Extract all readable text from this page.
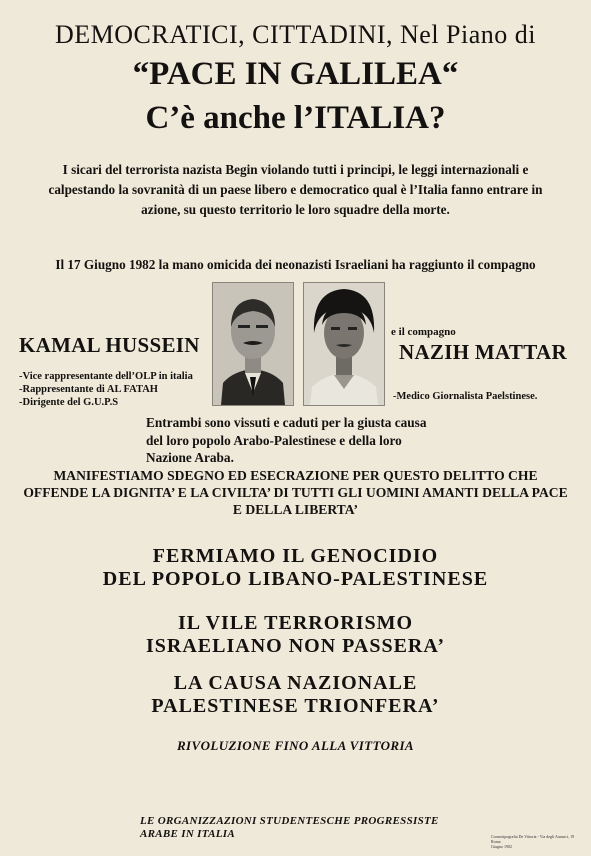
DEMOCRATICI, CITTADINI, Nel Piano di
“PACE IN GALILEA“
C’è anche l’ITALIA?
I sicari del terrorista nazista Begin violando tutti i principi, le leggi internazionali e calpestando la sovranità di un paese libero e democratico qual è l’Italia fanno entrare in azione, su questo territorio le loro squadre della morte.
Il 17 Giugno 1982 la mano omicida dei neonazisti Israeliani ha raggiunto il compagno
KAMAL HUSSEIN
-Vice rappresentante dell’OLP in italia
-Rappresentante di AL FATAH
-Dirigente del G.U.P.S
e il compagno
NAZIH MATTAR
-Medico Giornalista Paelstinese.
Entrambi sono vissuti e caduti per la giusta causa del loro popolo Arabo-Palestinese e della loro Nazione Araba.
MANIFESTIAMO SDEGNO ED ESECRAZIONE PER QUESTO DELITTO CHE OFFENDE LA DIGNITA’ E LA CIVILTA’ DI TUTTI GLI UOMINI AMANTI DELLA PACE E DELLA LIBERTA’
FERMIAMO IL GENOCIDIO
DEL POPOLO LIBANO-PALESTINESE
IL VILE TERRORISMO
ISRAELIANO NON PASSERA’
LA CAUSA NAZIONALE
PALESTINESE TRIONFERA’
RIVOLUZIONE FINO ALLA VITTORIA
LE ORGANIZZAZIONI STUDENTESCHE PROGRESSISTE
ARABE IN ITALIA	Cromotipografia De Vittoria - Via degli Aurunci, 19 Roma
Giugno 1982
